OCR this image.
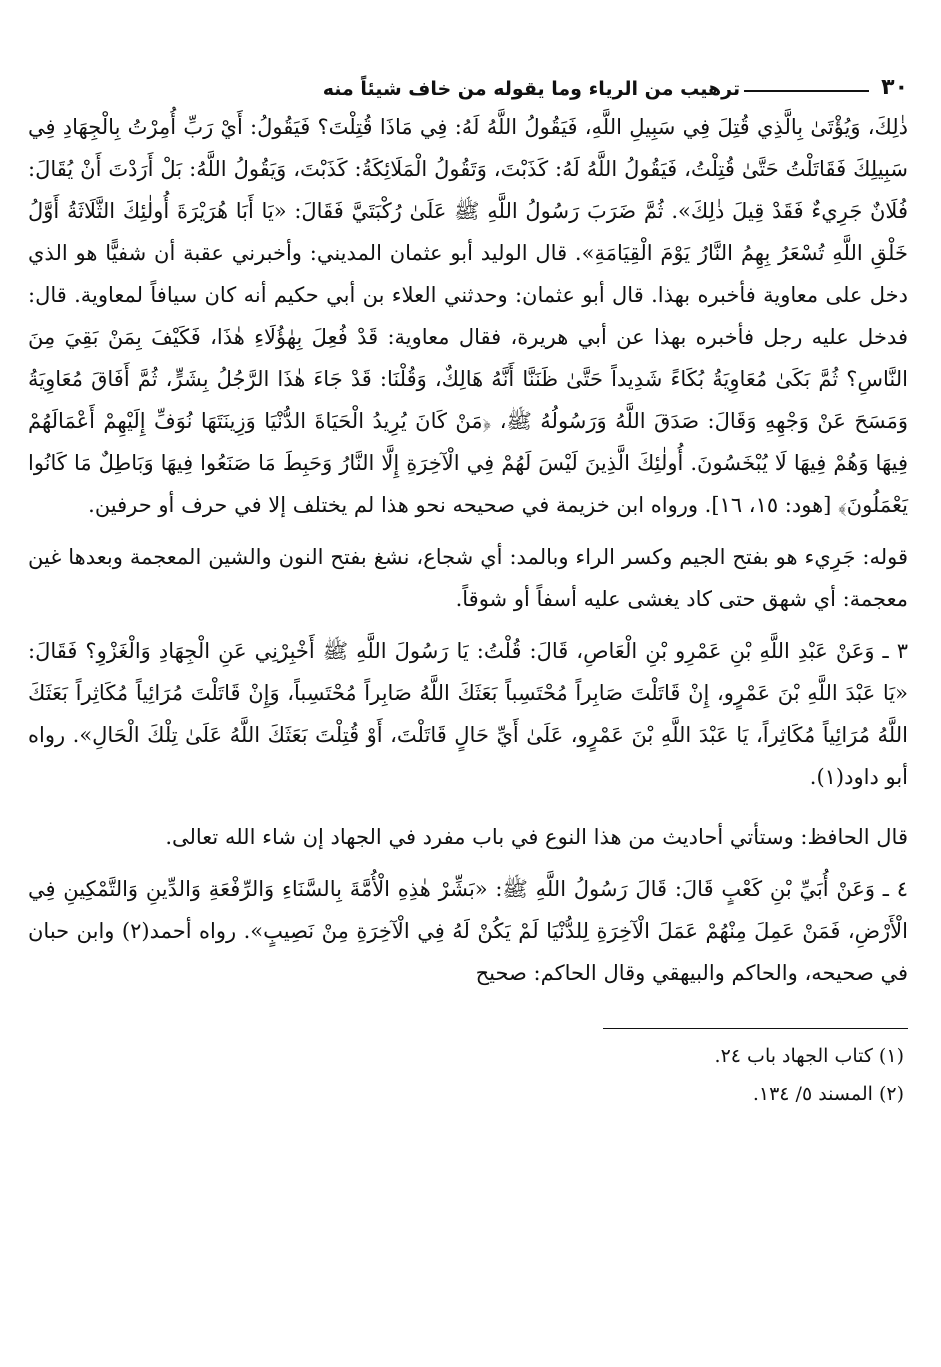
٣٠
ترهيب من الرياء وما يقوله من خاف شيئاً منه

ذٰلِكَ، وَيُؤْتَىٰ بِالَّذِي قُتِلَ فِي سَبِيلِ اللَّهِ، فَيَقُولُ اللَّهُ لَهُ: فِي مَاذَا قُتِلْتَ؟ فَيَقُولُ: أَيْ رَبِّ أُمِرْتُ بِالْجِهَادِ فِي سَبِيلِكَ فَقَاتَلْتُ حَتَّىٰ قُتِلْتُ، فَيَقُولُ اللَّهُ لَهُ: كَذَبْتَ، وَتَقُولُ الْمَلَائِكَةُ: كَذَبْتَ، وَيَقُولُ اللَّهُ: بَلْ أَرَدْتَ أَنْ يُقَالَ: فُلَانٌ جَرِيءٌ فَقَدْ قِيلَ ذٰلِكَ». ثُمَّ ضَرَبَ رَسُولُ اللَّهِ ﷺ عَلَىٰ رُكْبَتَيَّ فَقَالَ: «يَا أَبَا هُرَيْرَةَ أُولٰئِكَ الثَّلَاثَةُ أَوَّلُ خَلْقِ اللَّهِ تُسْعَرُ بِهِمُ النَّارُ يَوْمَ الْقِيَامَةِ». قال الوليد أبو عثمان المديني: وأخبرني عقبة أن شفيًّا هو الذي دخل على معاوية فأخبره بهذا. قال أبو عثمان: وحدثني العلاء بن أبي حكيم أنه كان سيافاً لمعاوية. قال: فدخل عليه رجل فأخبره بهذا عن أبي هريرة، فقال معاوية: قَدْ فُعِلَ بِهٰؤُلَاءِ هٰذَا، فَكَيْفَ بِمَنْ بَقِيَ مِنَ النَّاسِ؟ ثُمَّ بَكَىٰ مُعَاوِيَةُ بُكَاءً شَدِيداً حَتَّىٰ ظَنَنَّا أَنَّهُ هَالِكٌ، وَقُلْنَا: قَدْ جَاءَ هٰذَا الرَّجُلُ بِشَرٍّ، ثُمَّ أَفَاقَ مُعَاوِيَةُ وَمَسَحَ عَنْ وَجْهِهِ وَقَالَ: صَدَقَ اللَّهُ وَرَسُولُهُ ﷺ، ﴿مَنْ كَانَ يُرِيدُ الْحَيَاةَ الدُّنْيَا وَزِينَتَهَا نُوَفِّ إِلَيْهِمْ أَعْمَالَهُمْ فِيهَا وَهُمْ فِيهَا لَا يُبْخَسُونَ. أُولٰئِكَ الَّذِينَ لَيْسَ لَهُمْ فِي الْآخِرَةِ إِلَّا النَّارُ وَحَبِطَ مَا صَنَعُوا فِيهَا وَبَاطِلٌ مَا كَانُوا يَعْمَلُونَ﴾ [هود: ١٥، ١٦]. ورواه ابن خزيمة في صحيحه نحو هذا لم يختلف إلا في حرف أو حرفين.

قوله: جَرِيء هو بفتح الجيم وكسر الراء وبالمد: أي شجاع، نشغ بفتح النون والشين المعجمة وبعدها غين معجمة: أي شهق حتى كاد يغشى عليه أسفاً أو شوقاً.

٣ ـ وَعَنْ عَبْدِ اللَّهِ بْنِ عَمْرِو بْنِ الْعَاصِ، قَالَ: قُلْتُ: يَا رَسُولَ اللَّهِ ﷺ أَخْبِرْنِي عَنِ الْجِهَادِ وَالْغَزْوِ؟ فَقَالَ: «يَا عَبْدَ اللَّهِ بْنَ عَمْرٍو، إِنْ قَاتَلْتَ صَابِراً مُحْتَسِباً بَعَثَكَ اللَّهُ صَابِراً مُحْتَسِباً، وَإِنْ قَاتَلْتَ مُرَائِياً مُكَاثِراً بَعَثَكَ اللَّهُ مُرَائِياً مُكَاثِراً، يَا عَبْدَ اللَّهِ بْنَ عَمْرٍو، عَلَىٰ أَيِّ حَالٍ قَاتَلْتَ، أَوْ قُتِلْتَ بَعَثَكَ اللَّهُ عَلَىٰ تِلْكَ الْحَالِ». رواه أبو داود(١).

قال الحافظ: وستأتي أحاديث من هذا النوع في باب مفرد في الجهاد إن شاء الله تعالى.

٤ ـ وَعَنْ أُبَيِّ بْنِ كَعْبٍ قَالَ: قَالَ رَسُولُ اللَّهِ ﷺ: «بَشِّرْ هٰذِهِ الْأُمَّةَ بِالسَّنَاءِ وَالرِّفْعَةِ وَالدِّينِ وَالتَّمْكِينِ فِي الْأَرْضِ، فَمَنْ عَمِلَ مِنْهُمْ عَمَلَ الْآخِرَةِ لِلدُّنْيَا لَمْ يَكُنْ لَهُ فِي الْآخِرَةِ مِنْ نَصِيبٍ». رواه أحمد(٢) وابن حبان في صحيحه، والحاكم والبيهقي وقال الحاكم: صحيح

(١) كتاب الجهاد باب ٢٤.
(٢) المسند ٥/ ١٣٤.
